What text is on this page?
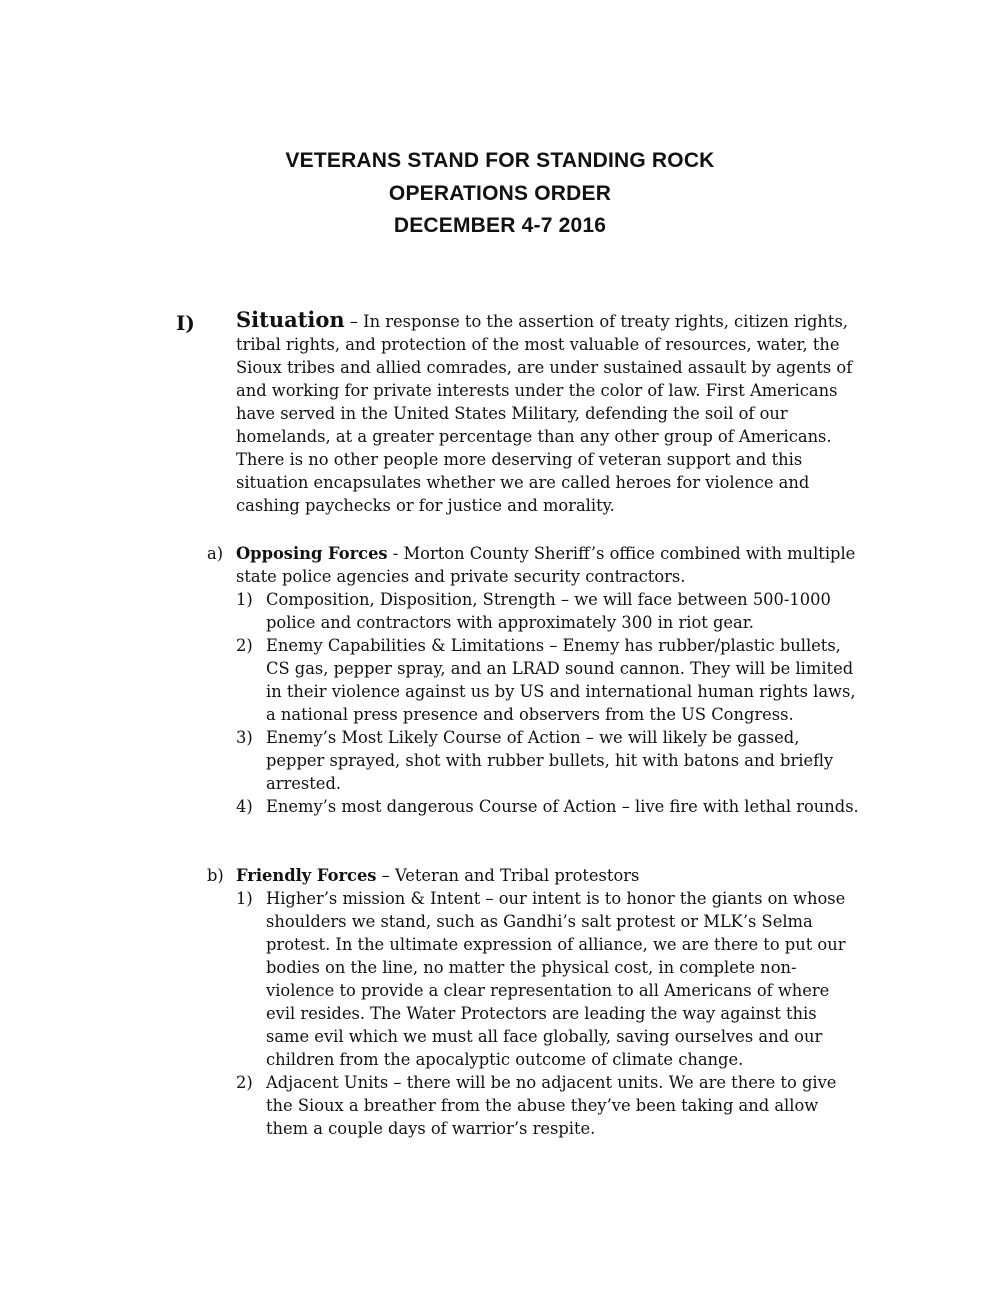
VETERANS STAND FOR STANDING ROCK
OPERATIONS ORDER
DECEMBER 4-7 2016
I) Situation – In response to the assertion of treaty rights, citizen rights, tribal rights, and protection of the most valuable of resources, water, the Sioux tribes and allied comrades, are under sustained assault by agents of and working for private interests under the color of law. First Americans have served in the United States Military, defending the soil of our homelands, at a greater percentage than any other group of Americans. There is no other people more deserving of veteran support and this situation encapsulates whether we are called heroes for violence and cashing paychecks or for justice and morality.
a) Opposing Forces - Morton County Sheriff’s office combined with multiple state police agencies and private security contractors.
1) Composition, Disposition, Strength – we will face between 500-1000 police and contractors with approximately 300 in riot gear.
2) Enemy Capabilities & Limitations – Enemy has rubber/plastic bullets, CS gas, pepper spray, and an LRAD sound cannon. They will be limited in their violence against us by US and international human rights laws, a national press presence and observers from the US Congress.
3) Enemy’s Most Likely Course of Action – we will likely be gassed, pepper sprayed, shot with rubber bullets, hit with batons and briefly arrested.
4) Enemy’s most dangerous Course of Action – live fire with lethal rounds.
b) Friendly Forces – Veteran and Tribal protestors
1) Higher’s mission & Intent – our intent is to honor the giants on whose shoulders we stand, such as Gandhi’s salt protest or MLK’s Selma protest. In the ultimate expression of alliance, we are there to put our bodies on the line, no matter the physical cost, in complete non-violence to provide a clear representation to all Americans of where evil resides. The Water Protectors are leading the way against this same evil which we must all face globally, saving ourselves and our children from the apocalyptic outcome of climate change.
2) Adjacent Units – there will be no adjacent units. We are there to give the Sioux a breather from the abuse they’ve been taking and allow them a couple days of warrior’s respite.
